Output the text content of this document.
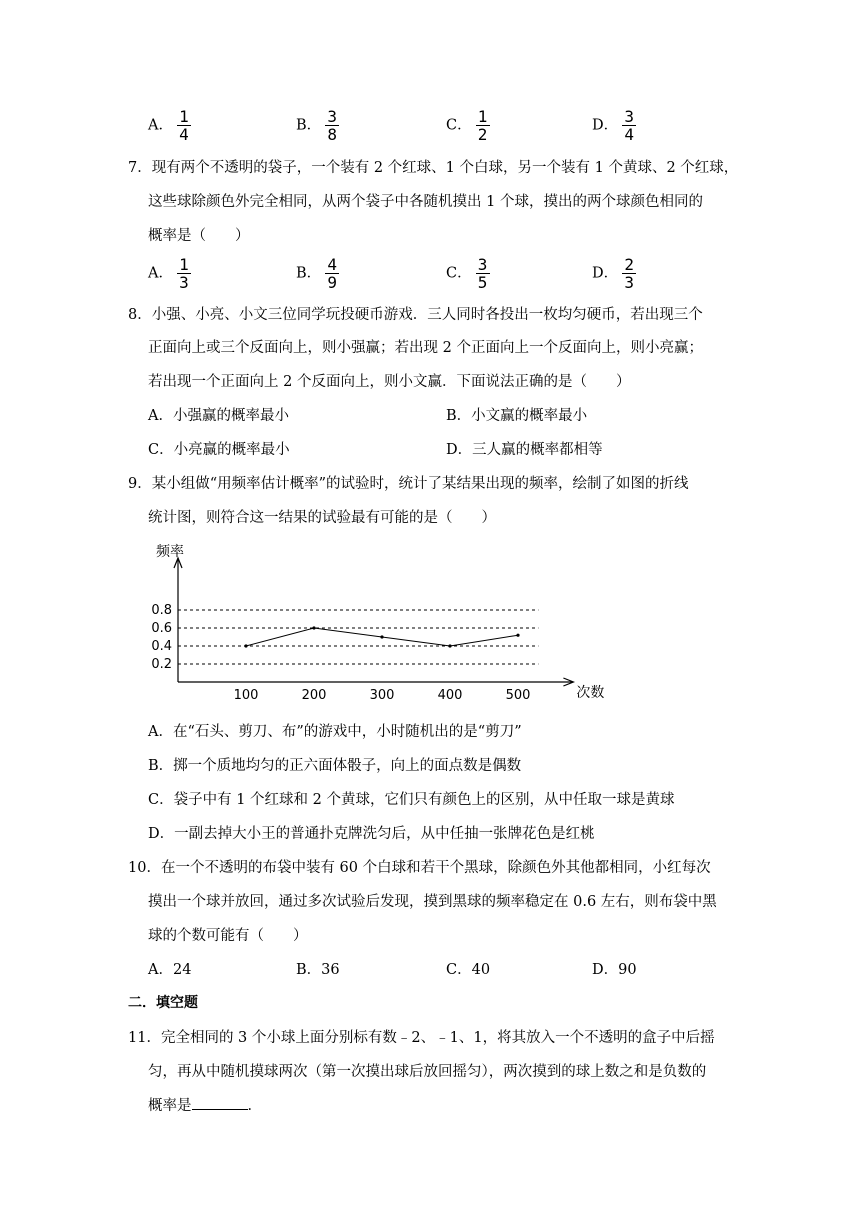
A． $\frac{1}{4}$	B． $\frac{3}{8}$	C． $\frac{1}{2}$	D． $\frac{3}{4}$
7．现有两个不透明的袋子，一个装有 2 个红球、1 个白球，另一个装有 1 个黄球、2 个红球，
这些球除颜色外完全相同，从两个袋子中各随机摸出 1 个球，摸出的两个球颜色相同的
概率是（　　）
A． $\frac{1}{3}$	B． $\frac{4}{9}$	C． $\frac{3}{5}$	D． $\frac{2}{3}$
8．小强、小亮、小文三位同学玩投硬币游戏．三人同时各投出一枚均匀硬币，若出现三个
正面向上或三个反面向上，则小强赢；若出现 2 个正面向上一个反面向上，则小亮赢；
若出现一个正面向上 2 个反面向上，则小文赢．下面说法正确的是（　　）
A．小强赢的概率最小	B．小文赢的概率最小
C．小亮赢的概率最小	D．三人赢的概率都相等
9．某小组做“用频率估计概率”的试验时，统计了某结果出现的频率，绘制了如图的折线
统计图，则符合这一结果的试验最有可能的是（　　）
0.8
0.6
0.4
0.2
频率
次数
100	200	300	400	500
A．在“石头、剪刀、布”的游戏中，小时随机出的是“剪刀”
B．掷一个质地均匀的正六面体骰子，向上的面点数是偶数
C．袋子中有 1 个红球和 2 个黄球，它们只有颜色上的区别，从中任取一球是黄球
D．一副去掉大小王的普通扑克牌洗匀后，从中任抽一张牌花色是红桃
10．在一个不透明的布袋中装有 60 个白球和若干个黑球，除颜色外其他都相同，小红每次
摸出一个球并放回，通过多次试验后发现，摸到黑球的频率稳定在 0.6 左右，则布袋中黑
球的个数可能有（　　）
A．24	B．36	C．40	D．90
二．填空题
11．完全相同的 3 个小球上面分别标有数﹣2、﹣1、1，将其放入一个不透明的盒子中后摇
匀，再从中随机摸球两次（第一次摸出球后放回摇匀），两次摸到的球上数之和是负数的
概率是	．
